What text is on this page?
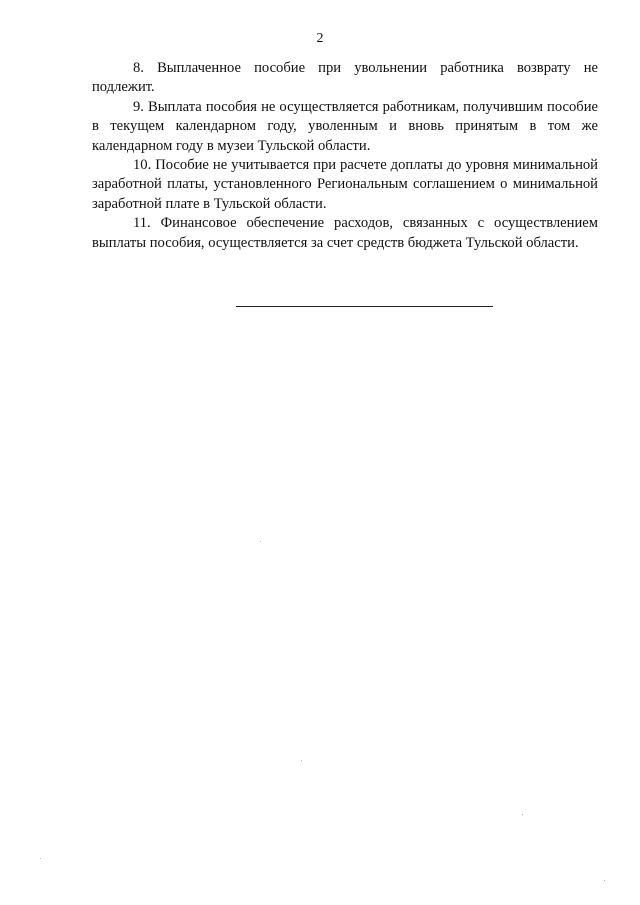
2

8. Выплаченное пособие при увольнении работника возврату не подлежит.

9. Выплата пособия не осуществляется работникам, получившим пособие в текущем календарном году, уволенным и вновь принятым в том же календарном году в музеи Тульской области.

10. Пособие не учитывается при расчете доплаты до уровня минимальной заработной платы, установленного Региональным соглашением о минимальной заработной плате в Тульской области.

11. Финансовое обеспечение расходов, связанных с осуществлением выплаты пособия, осуществляется за счет средств бюджета Тульской области.
